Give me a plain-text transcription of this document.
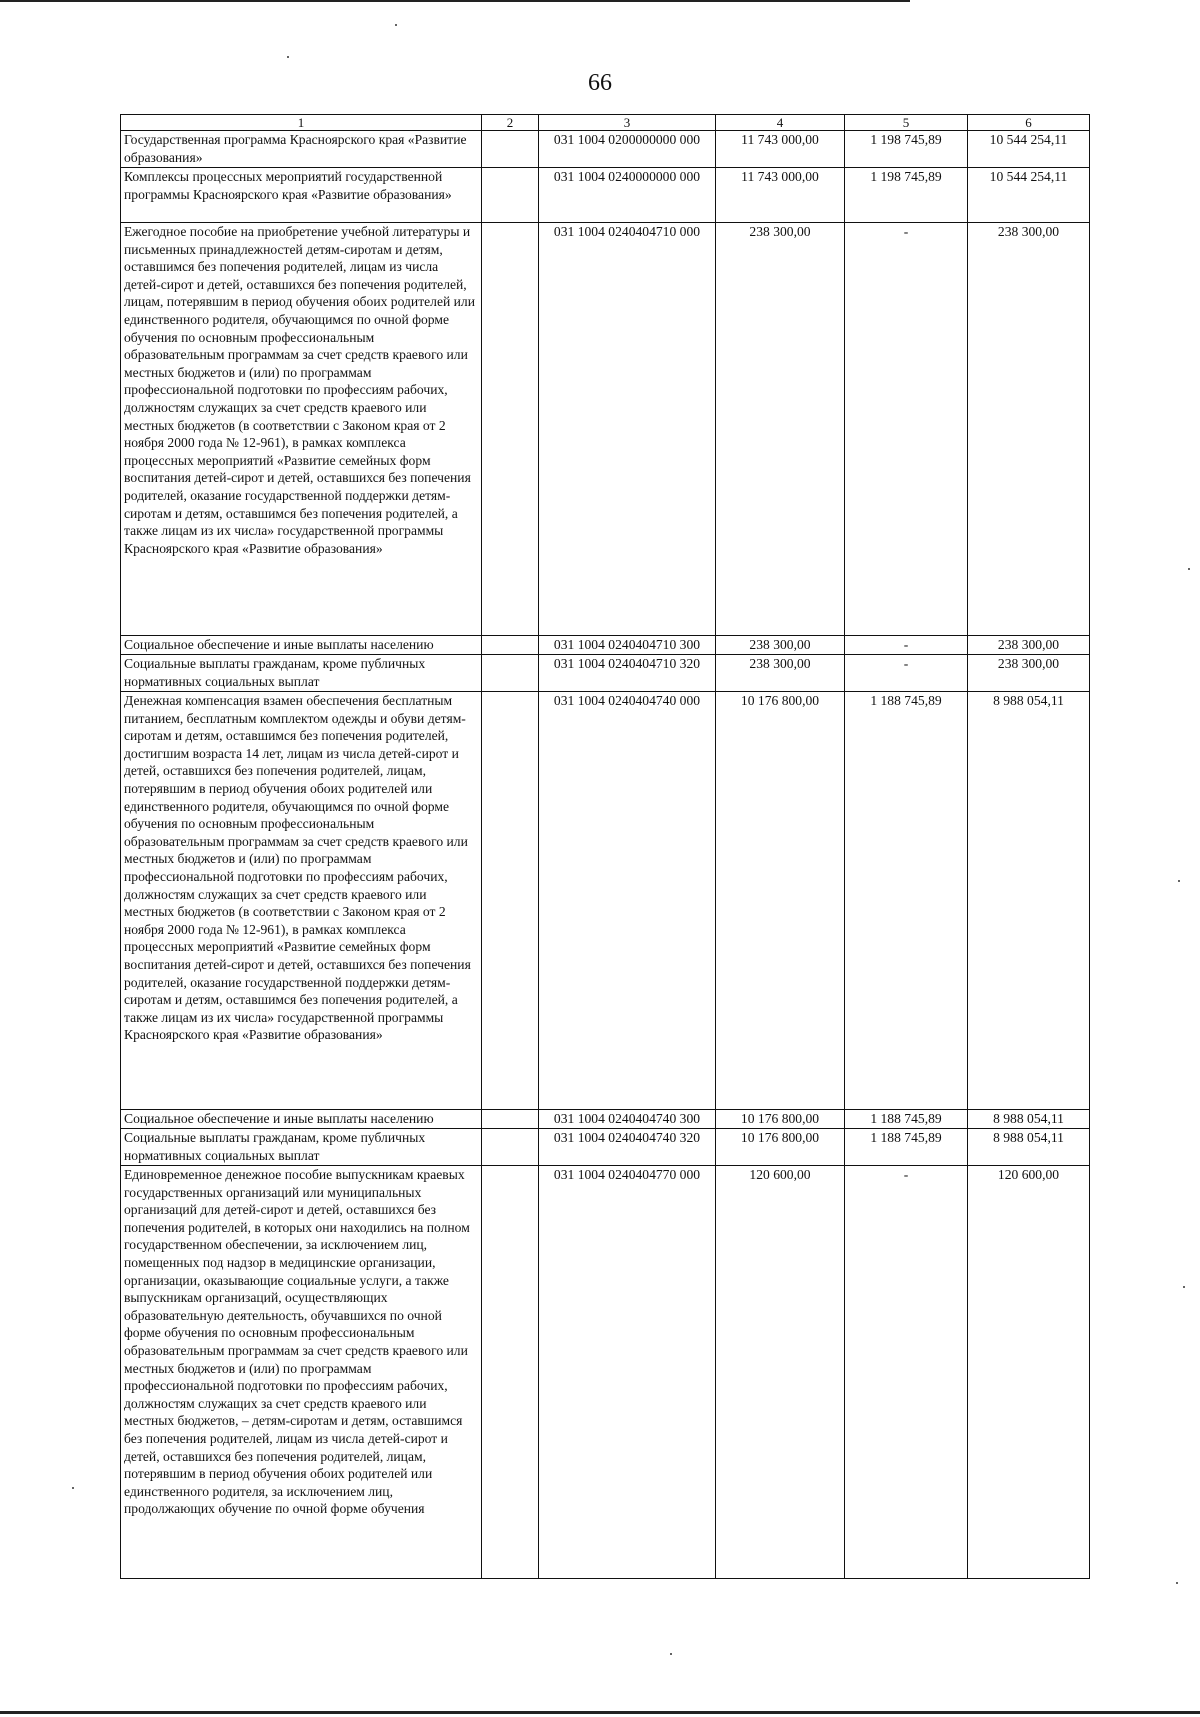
66
1	2	3	4	5	6
Государственная программа Красноярского края «Развитие образования»		031 1004 0200000000 000	11 743 000,00	1 198 745,89	10 544 254,11
Комплексы процессных мероприятий государственной программы Красноярского края «Развитие образования»		031 1004 0240000000 000	11 743 000,00	1 198 745,89	10 544 254,11
Ежегодное пособие на приобретение учебной литературы и письменных принадлежностей детям-сиротам и детям, оставшимся без попечения родителей, лицам из числа детей-сирот и детей, оставшихся без попечения родителей, лицам, потерявшим в период обучения обоих родителей или единственного родителя, обучающимся по очной форме обучения по основным профессиональным образовательным программам за счет средств краевого или местных бюджетов и (или) по программам профессиональной подготовки по профессиям рабочих, должностям служащих за счет средств краевого или местных бюджетов (в соответствии с Законом края от 2 ноября 2000 года № 12-961), в рамках комплекса процессных мероприятий «Развитие семейных форм воспитания детей-сирот и детей, оставшихся без попечения родителей, оказание государственной поддержки детям-сиротам и детям, оставшимся без попечения родителей, а также лицам из их числа» государственной программы Красноярского края «Развитие образования»		031 1004 0240404710 000	238 300,00	-	238 300,00
Социальное обеспечение и иные выплаты населению		031 1004 0240404710 300	238 300,00	-	238 300,00
Социальные выплаты гражданам, кроме публичных нормативных социальных выплат		031 1004 0240404710 320	238 300,00	-	238 300,00
Денежная компенсация взамен обеспечения бесплатным питанием, бесплатным комплектом одежды и обуви детям-сиротам и детям, оставшимся без попечения родителей, достигшим возраста 14 лет, лицам из числа детей-сирот и детей, оставшихся без попечения родителей, лицам, потерявшим в период обучения обоих родителей или единственного родителя, обучающимся по очной форме обучения по основным профессиональным образовательным программам за счет средств краевого или местных бюджетов и (или) по программам профессиональной подготовки по профессиям рабочих, должностям служащих за счет средств краевого или местных бюджетов (в соответствии с Законом края от 2 ноября 2000 года № 12-961), в рамках комплекса процессных мероприятий «Развитие семейных форм воспитания детей-сирот и детей, оставшихся без попечения родителей, оказание государственной поддержки детям-сиротам и детям, оставшимся без попечения родителей, а также лицам из их числа» государственной программы Красноярского края «Развитие образования»		031 1004 0240404740 000	10 176 800,00	1 188 745,89	8 988 054,11
Социальное обеспечение и иные выплаты населению		031 1004 0240404740 300	10 176 800,00	1 188 745,89	8 988 054,11
Социальные выплаты гражданам, кроме публичных нормативных социальных выплат		031 1004 0240404740 320	10 176 800,00	1 188 745,89	8 988 054,11
Единовременное денежное пособие выпускникам краевых государственных организаций или муниципальных организаций для детей-сирот и детей, оставшихся без попечения родителей, в которых они находились на полном государственном обеспечении, за исключением лиц, помещенных под надзор в медицинские организации, организации, оказывающие социальные услуги, а также выпускникам организаций, осуществляющих образовательную деятельность, обучавшихся по очной форме обучения по основным профессиональным образовательным программам за счет средств краевого или местных бюджетов и (или) по программам профессиональной подготовки по профессиям рабочих, должностям служащих за счет средств краевого или местных бюджетов, – детям-сиротам и детям, оставшимся без попечения родителей, лицам из числа детей-сирот и детей, оставшихся без попечения родителей, лицам, потерявшим в период обучения обоих родителей или единственного родителя, за исключением лиц, продолжающих обучение по очной форме обучения		031 1004 0240404770 000	120 600,00	-	120 600,00
